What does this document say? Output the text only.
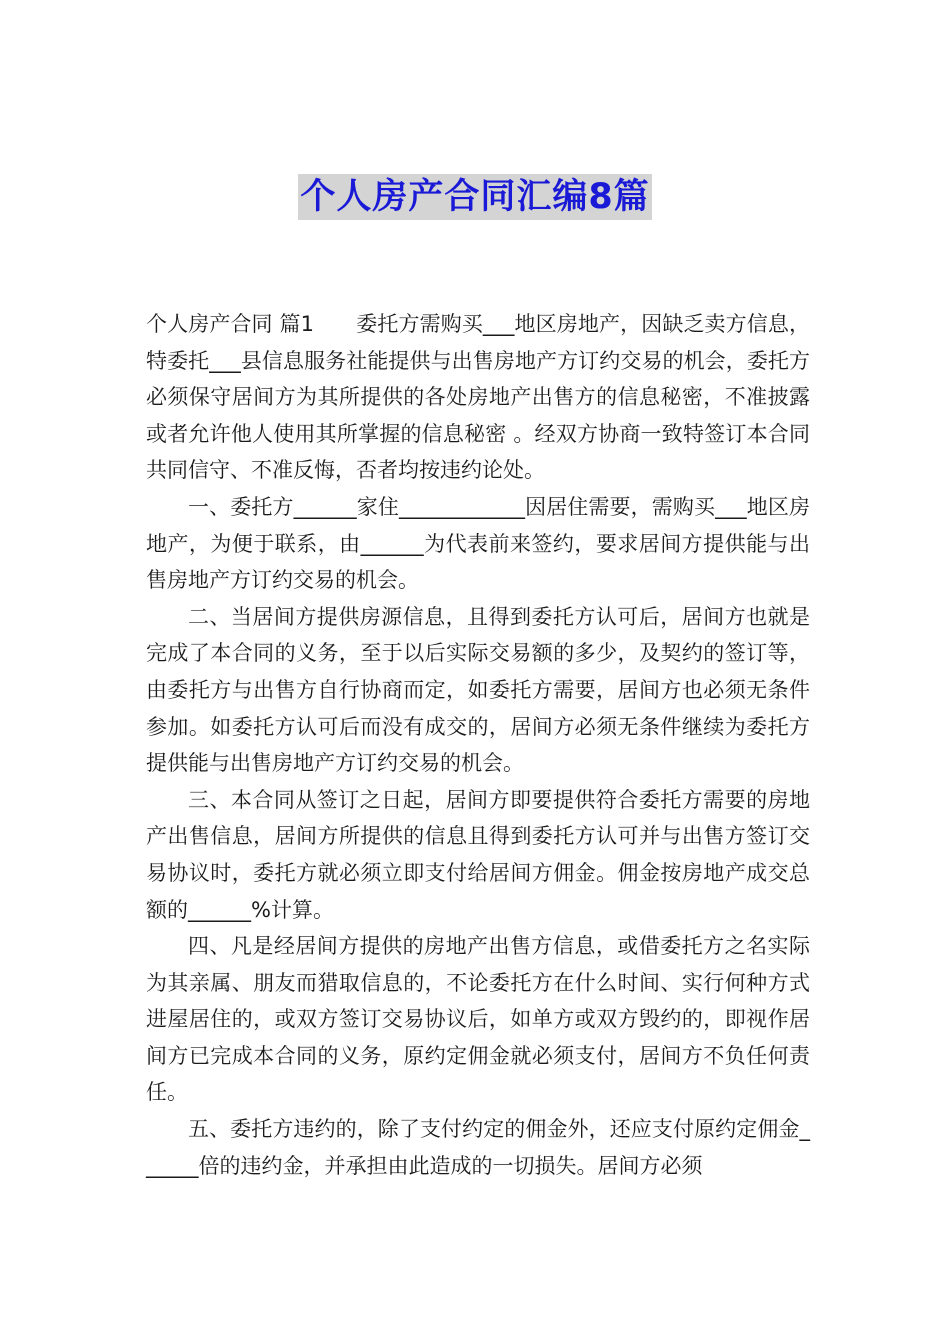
个人房产合同汇编8篇

个人房产合同 篇1　　委托方需购买___地区房地产，因缺乏卖方信息，特委托___县信息服务社能提供与出售房地产方订约交易的机会，委托方必须保守居间方为其所提供的各处房地产出售方的信息秘密，不准披露或者允许他人使用其所掌握的信息秘密 。经双方协商一致特签订本合同共同信守、不准反悔，否者均按违约论处。

一、委托方______家住____________因居住需要，需购买___地区房地产，为便于联系，由______为代表前来签约，要求居间方提供能与出售房地产方订约交易的机会。

二、当居间方提供房源信息，且得到委托方认可后，居间方也就是完成了本合同的义务，至于以后实际交易额的多少，及契约的签订等，由委托方与出售方自行协商而定，如委托方需要，居间方也必须无条件参加。如委托方认可后而没有成交的，居间方必须无条件继续为委托方提供能与出售房地产方订约交易的机会。

三、本合同从签订之日起，居间方即要提供符合委托方需要的房地产出售信息，居间方所提供的信息且得到委托方认可并与出售方签订交易协议时，委托方就必须立即支付给居间方佣金。佣金按房地产成交总额的______%计算。

四、凡是经居间方提供的房地产出售方信息，或借委托方之名实际为其亲属、朋友而猎取信息的，不论委托方在什么时间、实行何种方式进屋居住的，或双方签订交易协议后，如单方或双方毁约的，即视作居间方已完成本合同的义务，原约定佣金就必须支付，居间方不负任何责任。

五、委托方违约的，除了支付约定的佣金外，还应支付原约定佣金______倍的违约金，并承担由此造成的一切损失。居间方必须
